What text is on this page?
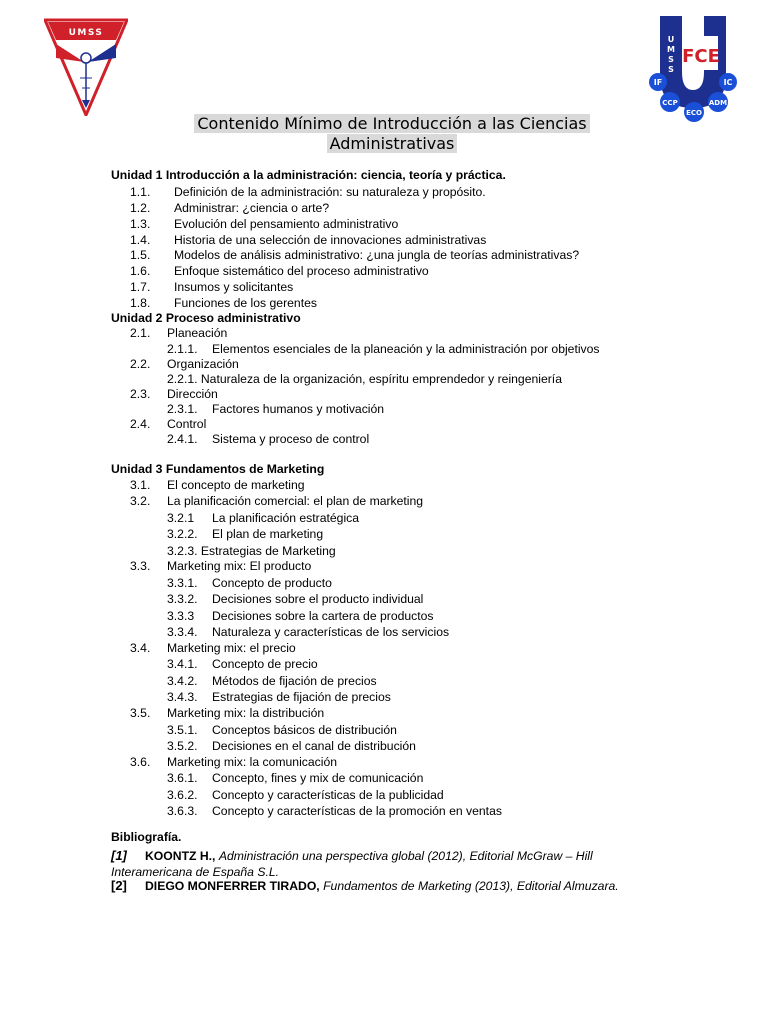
UMSS
U
M
S
S
FCE
IF	IC
CCP	ADM
ECO
Contenido Mínimo de Introducción a las Ciencias
Administrativas
Unidad 1 Introducción a la administración: ciencia, teoría y práctica.
1.1. Definición de la administración: su naturaleza y propósito.
1.2. Administrar: ¿ciencia o arte?
1.3. Evolución del pensamiento administrativo
1.4. Historia de una selección de innovaciones administrativas
1.5. Modelos de análisis administrativo: ¿una jungla de teorías administrativas?
1.6. Enfoque sistemático del proceso administrativo
1.7. Insumos y solicitantes
1.8. Funciones de los gerentes
Unidad 2 Proceso administrativo
2.1. Planeación
2.1.1. Elementos esenciales de la planeación y la administración por objetivos
2.2. Organización
2.2.1. Naturaleza de la organización, espíritu emprendedor y reingeniería
2.3. Dirección
2.3.1. Factores humanos y motivación
2.4. Control
2.4.1. Sistema y proceso de control
Unidad 3 Fundamentos de Marketing
3.1. El concepto de marketing
3.2. La planificación comercial: el plan de marketing
3.2.1 La planificación estratégica
3.2.2. El plan de marketing
3.2.3. Estrategias de Marketing
3.3. Marketing mix: El producto
3.3.1. Concepto de producto
3.3.2. Decisiones sobre el producto individual
3.3.3 Decisiones sobre la cartera de productos
3.3.4. Naturaleza y características de los servicios
3.4. Marketing mix: el precio
3.4.1. Concepto de precio
3.4.2. Métodos de fijación de precios
3.4.3. Estrategias de fijación de precios
3.5. Marketing mix: la distribución
3.5.1. Conceptos básicos de distribución
3.5.2. Decisiones en el canal de distribución
3.6. Marketing mix: la comunicación
3.6.1. Concepto, fines y mix de comunicación
3.6.2. Concepto y características de la publicidad
3.6.3. Concepto y características de la promoción en ventas
Bibliografía.
[1] KOONTZ H., Administración una perspectiva global (2012), Editorial McGraw – Hill Interamericana de España S.L.
[2] DIEGO MONFERRER TIRADO, Fundamentos de Marketing (2013), Editorial Almuzara.
